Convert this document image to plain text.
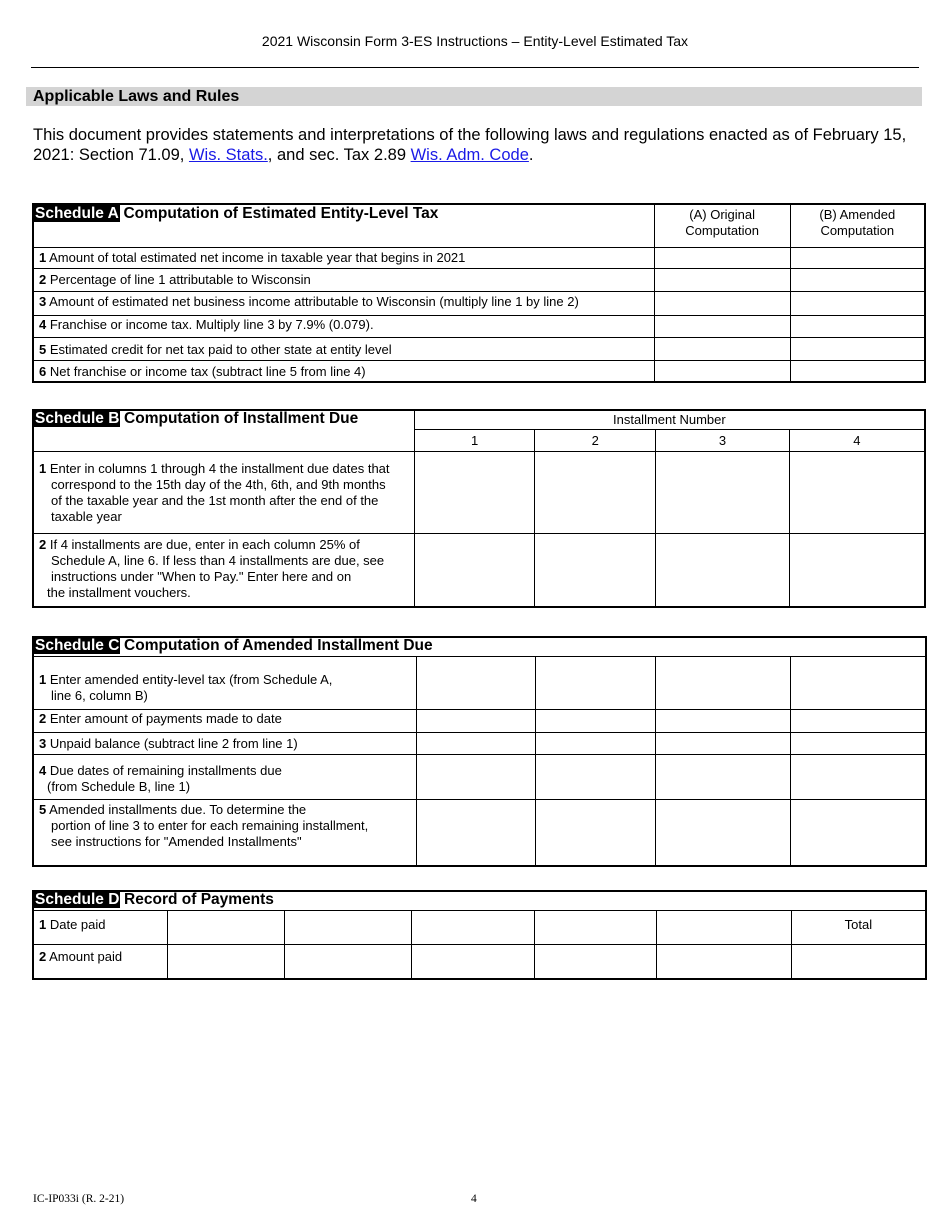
2021 Wisconsin Form 3-ES Instructions – Entity-Level Estimated Tax
Applicable Laws and Rules

This document provides statements and interpretations of the following laws and regulations enacted as of February 15, 2021: Section 71.09, Wis. Stats., and sec. Tax 2.89 Wis. Adm. Code.

Schedule A Computation of Estimated Entity-Level Tax	(A) Original Computation	(B) Amended Computation
1 Amount of total estimated net income in taxable year that begins in 2021		
2 Percentage of line 1 attributable to Wisconsin		
3 Amount of estimated net business income attributable to Wisconsin (multiply line 1 by line 2)		
4 Franchise or income tax. Multiply line 3 by 7.9% (0.079).		
5 Estimated credit for net tax paid to other state at entity level		
6 Net franchise or income tax (subtract line 5 from line 4)		
Schedule B Computation of Installment Due	Installment Number			
	1	2	3	4
1 Enter in columns 1 through 4 the installment due dates that
correspond to the 15th day of the 4th, 6th, and 9th months
of the taxable year and the 1st month after the end of the
taxable year				

2 If 4 installments are due, enter in each column 25% of
Schedule A, line 6. If less than 4 installments are due, see
instructions under "When to Pay." Enter here and on
the installment vouchers.				

Schedule C Computation of Amended Installment Due				
1 Enter amended entity-level tax (from Schedule A,
line 6, column B)				

2 Enter amount of payments made to date				
3 Unpaid balance (subtract line 2 from line 1)				
4 Due dates of remaining installments due
(from Schedule B, line 1)				

5 Amended installments due. To determine the
portion of line 3 to enter for each remaining installment,
see instructions for "Amended Installments"				

Schedule D Record of Payments						
1 Date paid						Total
2 Amount paid						
IC-IP033i (R. 2-21)	4
